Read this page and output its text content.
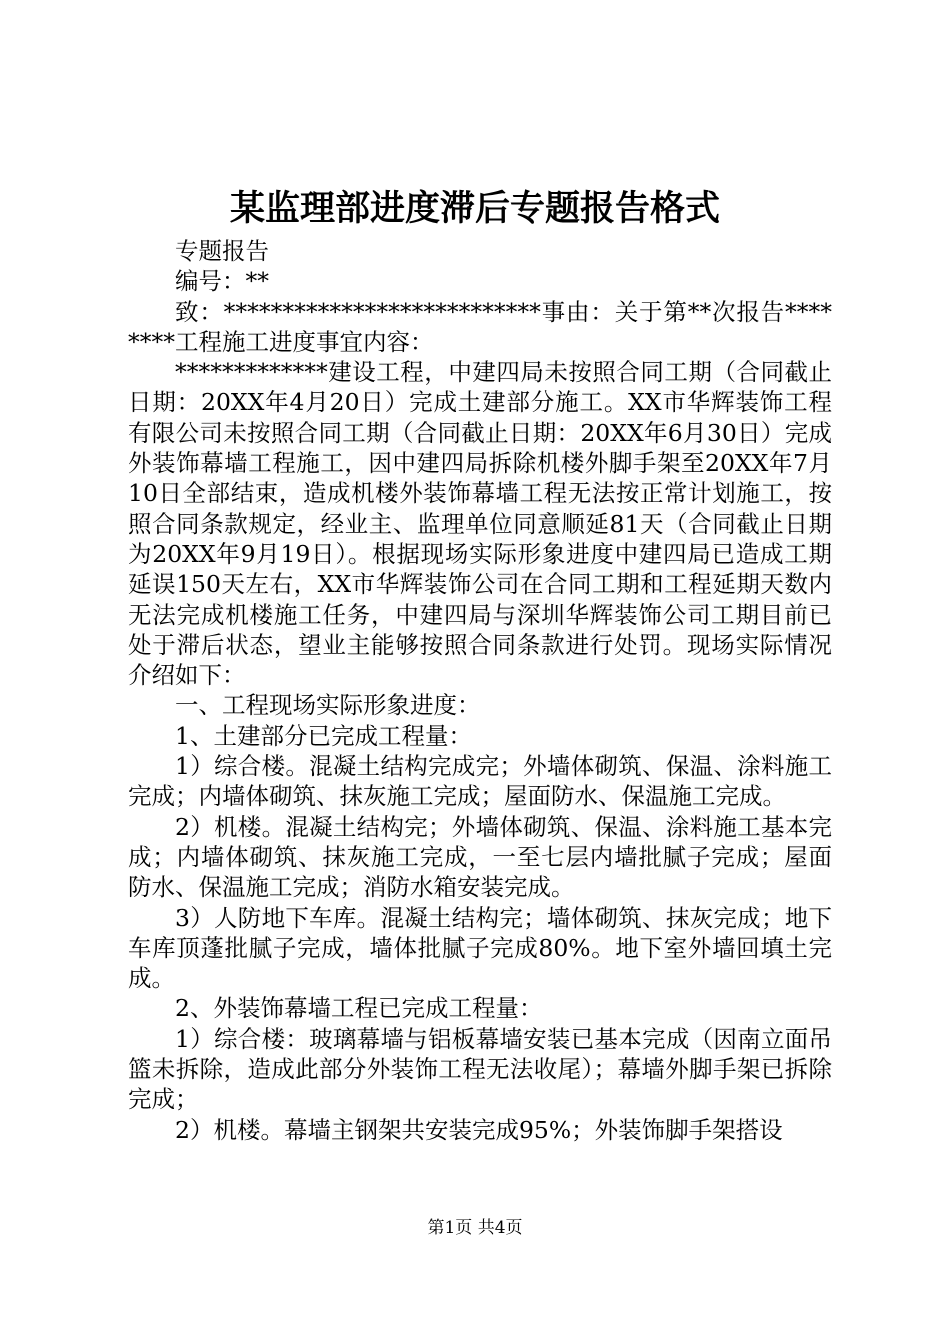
某监理部进度滞后专题报告格式

专题报告

编号：**

致：***************************事由：关于第**次报告********工程施工进度事宜内容：

*************建设工程，中建四局未按照合同工期（合同截止日期：20XX年4月20日）完成土建部分施工。XX市华辉装饰工程有限公司未按照合同工期（合同截止日期：20XX年6月30日）完成外装饰幕墙工程施工，因中建四局拆除机楼外脚手架至20XX年7月10日全部结束，造成机楼外装饰幕墙工程无法按正常计划施工，按照合同条款规定，经业主、监理单位同意顺延81天（合同截止日期为20XX年9月19日）。根据现场实际形象进度中建四局已造成工期延误150天左右，XX市华辉装饰公司在合同工期和工程延期天数内无法完成机楼施工任务，中建四局与深圳华辉装饰公司工期目前已处于滞后状态，望业主能够按照合同条款进行处罚。现场实际情况介绍如下：

一、工程现场实际形象进度：

1、土建部分已完成工程量：

1）综合楼。混凝土结构完成完；外墙体砌筑、保温、涂料施工完成；内墙体砌筑、抹灰施工完成；屋面防水、保温施工完成。

2）机楼。混凝土结构完；外墙体砌筑、保温、涂料施工基本完成；内墙体砌筑、抹灰施工完成，一至七层内墙批腻子完成；屋面防水、保温施工完成；消防水箱安装完成。

3）人防地下车库。混凝土结构完；墙体砌筑、抹灰完成；地下车库顶蓬批腻子完成，墙体批腻子完成80%。地下室外墙回填土完成。

2、外装饰幕墙工程已完成工程量：

1）综合楼：玻璃幕墙与铝板幕墙安装已基本完成（因南立面吊篮未拆除，造成此部分外装饰工程无法收尾）；幕墙外脚手架已拆除完成；

2）机楼。幕墙主钢架共安装完成95%；外装饰脚手架搭设

第1页 共4页
